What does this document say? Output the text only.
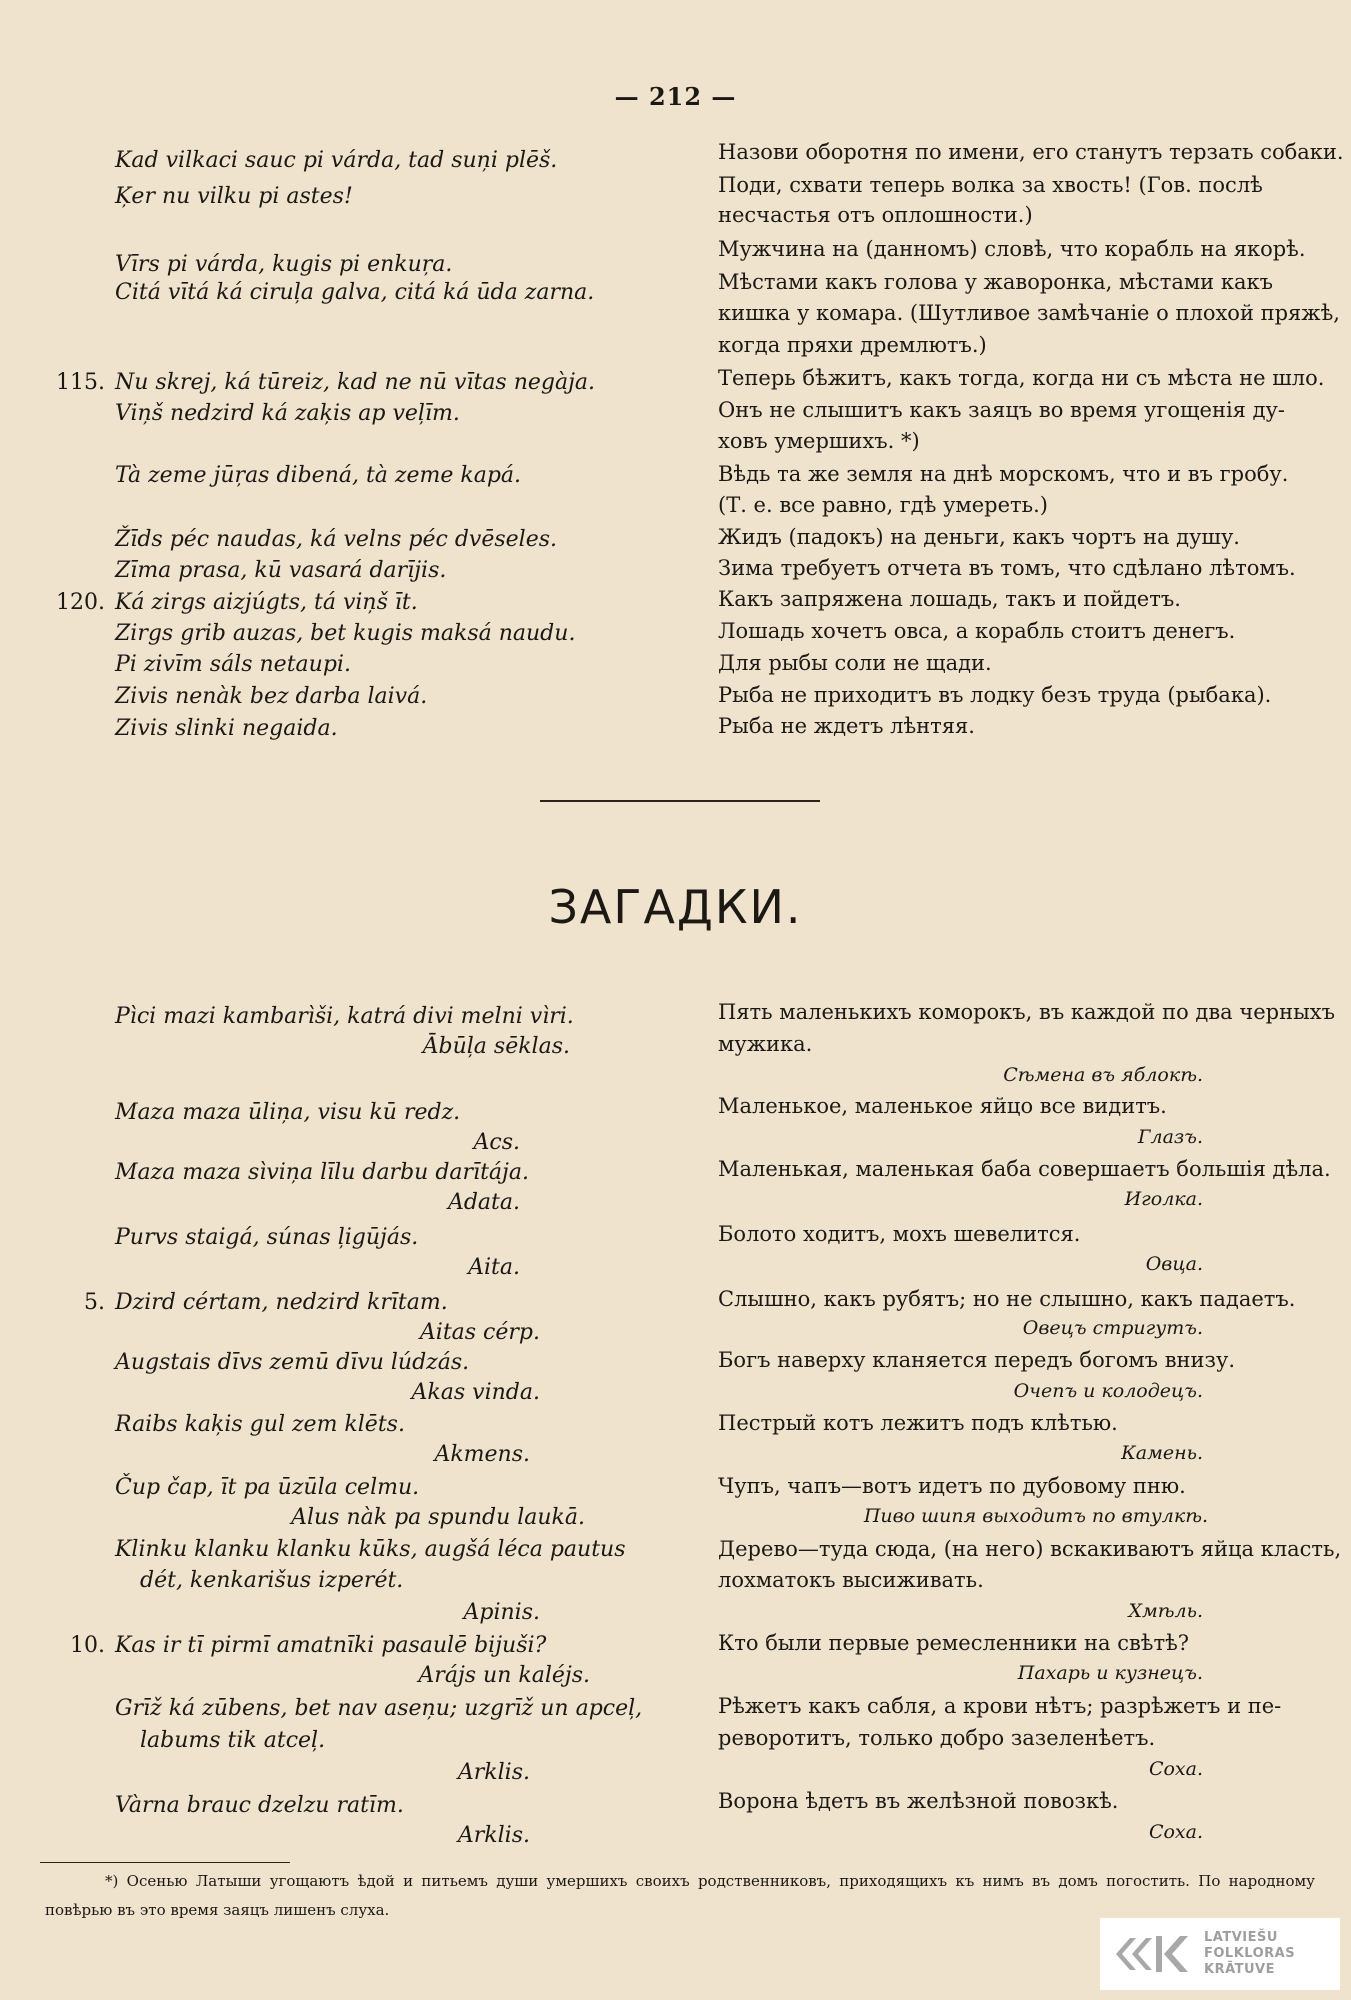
— 212 —
Kad vilkaci sauc pi várda, tad suņi plēš.
Ķer nu vilku pi astes!
Vīrs pi várda, kugis pi enkuŗa.
Citá vītá ká ciruļa galva, citá ká ūda zarna.
115. Nu skrej, ká tūreiz, kad ne nū vītas negàja.
Viņš nedzird ká zaķis ap veļīm.
Tà zeme jūŗas dibená, tà zeme kapá.
Žīds péc naudas, ká velns péc dvēseles.
Zīma prasa, kū vasará darījis.
120. Ká zirgs aizjúgts, tá viņš īt.
Zirgs grib auzas, bet kugis maksá naudu.
Pi zivīm sáls netaupi.
Zivis nenàk bez darba laivá.
Zivis slinki negaida.
Назови оборотня по имени, его станутъ терзать собаки.
Поди, схвати теперь волка за хвость! (Гов. послѣ
несчастья отъ оплошности.)
Мужчина на (данномъ) словѣ, что корабль на якорѣ.
Мѣстами какъ голова у жаворонка, мѣстами какъ
кишка у комара. (Шутливое замѣчаніе о плохой пряжѣ,
когда пряхи дремлютъ.)
Теперь бѣжитъ, какъ тогда, когда ни съ мѣста не шло.
Онъ не слышитъ какъ заяцъ во время угощенія ду-
ховъ умершихъ. *)
Вѣдь та же земля на днѣ морскомъ, что и въ гробу.
(Т. е. все равно, гдѣ умереть.)
Жидъ (падокъ) на деньги, какъ чортъ на душу.
Зима требуетъ отчета въ томъ, что сдѣлано лѣтомъ.
Какъ запряжена лошадь, такъ и пойдетъ.
Лошадь хочетъ овса, а корабль стоитъ денегъ.
Для рыбы соли не щади.
Рыба не приходитъ въ лодку безъ труда (рыбака).
Рыба не ждетъ лѣнтяя.
ЗАГАДКИ.
Pìci mazi kambarìši, katrá divi melni vìri.
Ābūļa sēklas.
Maza maza ūliņa, visu kū redz.
Acs.
Maza maza sìviņa līlu darbu darītája.
Adata.
Purvs staigá, súnas ļigūjás.
Aita.
5. Dzird cértam, nedzird krītam.
Aitas cérp.
Augstais dīvs zemū dīvu lúdzás.
Akas vinda.
Raibs kaķis gul zem klēts.
Akmens.
Čup čap, īt pa ūzūla celmu.
Alus nàk pa spundu laukā.
Klinku klanku klanku kūks, augšá léca pautus
dét, kenkarišus izperét.
Apinis.
10. Kas ir tī pirmī amatnīki pasaulē bijuši?
Arájs un kaléjs.
Grīž ká zūbens, bet nav aseņu; uzgrīž un apceļ,
labums tik atceļ.
Arklis.
Vàrna brauc dzelzu ratīm.
Arklis.
Пять маленькихъ коморокъ, въ каждой по два черныхъ
мужика.
Сѣмена въ яблокѣ.
Маленькое, маленькое яйцо все видитъ.
Глазъ.
Маленькая, маленькая баба совершаетъ большія дѣла.
Иголка.
Болото ходитъ, мохъ шевелится.
Овца.
Слышно, какъ рубятъ; но не слышно, какъ падаетъ.
Овецъ стригутъ.
Богъ наверху кланяется передъ богомъ внизу.
Очепъ и колодецъ.
Пестрый котъ лежитъ подъ клѣтью.
Камень.
Чупъ, чапъ—вотъ идетъ по дубовому пню.
Пиво шипя выходитъ по втулкѣ.
Дерево—туда сюда, (на него) вскакиваютъ яйца класть,
лохматокъ высиживать.
Хмѣль.
Кто были первые ремесленники на свѣтѣ?
Пахарь и кузнецъ.
Рѣжетъ какъ сабля, а крови нѣтъ; разрѣжетъ и пе-
реворотитъ, только добро зазеленѣетъ.
Соха.
Ворона ѣдетъ въ желѣзной повозкѣ.
Соха.
*) Осенью Латыши угощаютъ ѣдой и питьемъ души умершихъ своихъ родственниковъ, приходящихъ къ нимъ въ домъ погостить. По народному повѣрью въ это время заяцъ лишенъ слуха.
LATVIEŠU
FOLKLORAS
KRĀTUVE
